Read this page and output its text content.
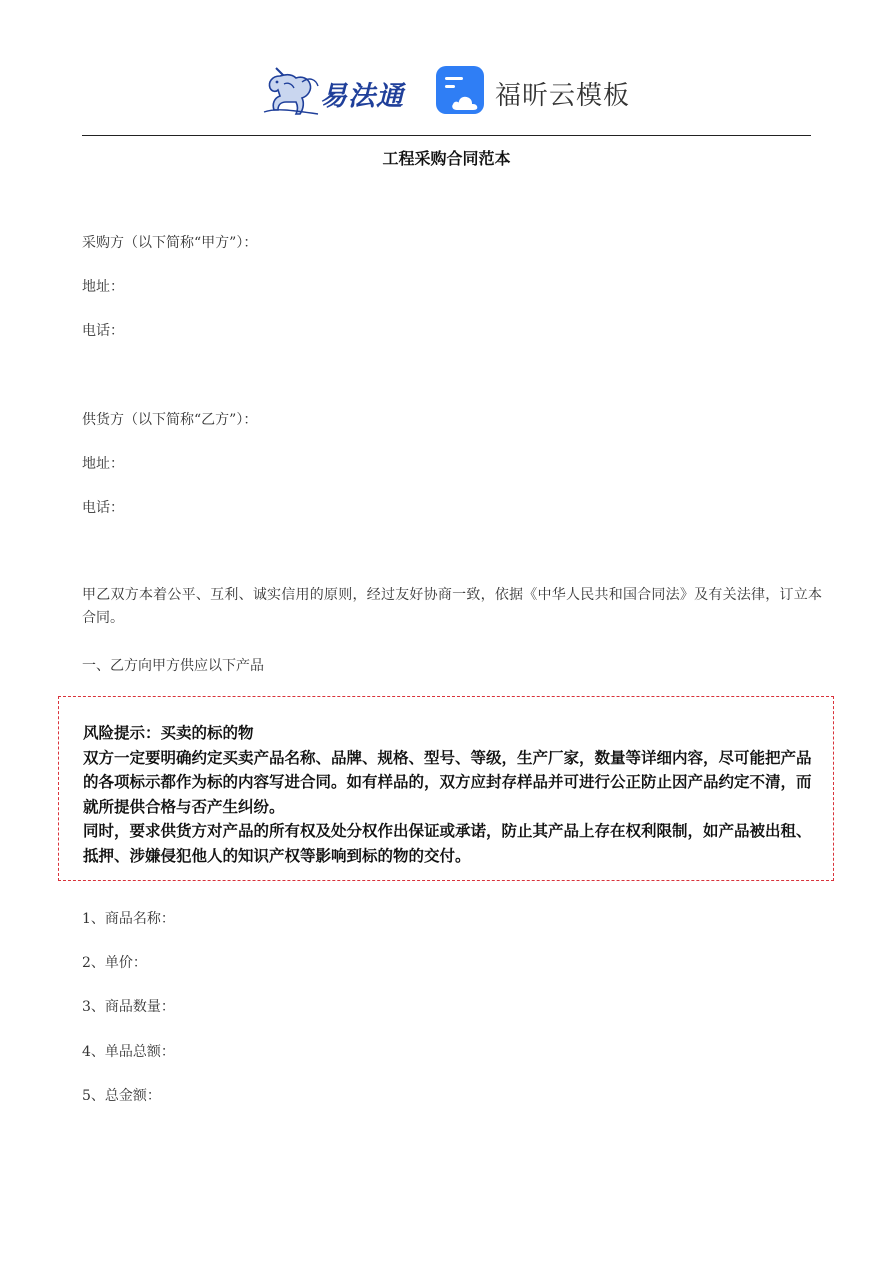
易法通	福昕云模板
工程采购合同范本
采购方（以下简称“甲方”）：
地址：
电话：
供货方（以下简称“乙方”）：
地址：
电话：
甲乙双方本着公平、互利、诚实信用的原则，经过友好协商一致，依据《中华人民共和国合同法》及有关法律，订立本合同。
一、乙方向甲方供应以下产品

风险提示：买卖的标的物

双方一定要明确约定买卖产品名称、品牌、规格、型号、等级，生产厂家，数量等详细内容，尽可能把产品的各项标示都作为标的内容写进合同。如有样品的，双方应封存样品并可进行公正防止因产品约定不清，而就所提供合格与否产生纠纷。

同时，要求供货方对产品的所有权及处分权作出保证或承诺，防止其产品上存在权利限制，如产品被出租、抵押、涉嫌侵犯他人的知识产权等影响到标的物的交付。

1、商品名称：
2、单价：
3、商品数量：
4、单品总额：
5、总金额：
